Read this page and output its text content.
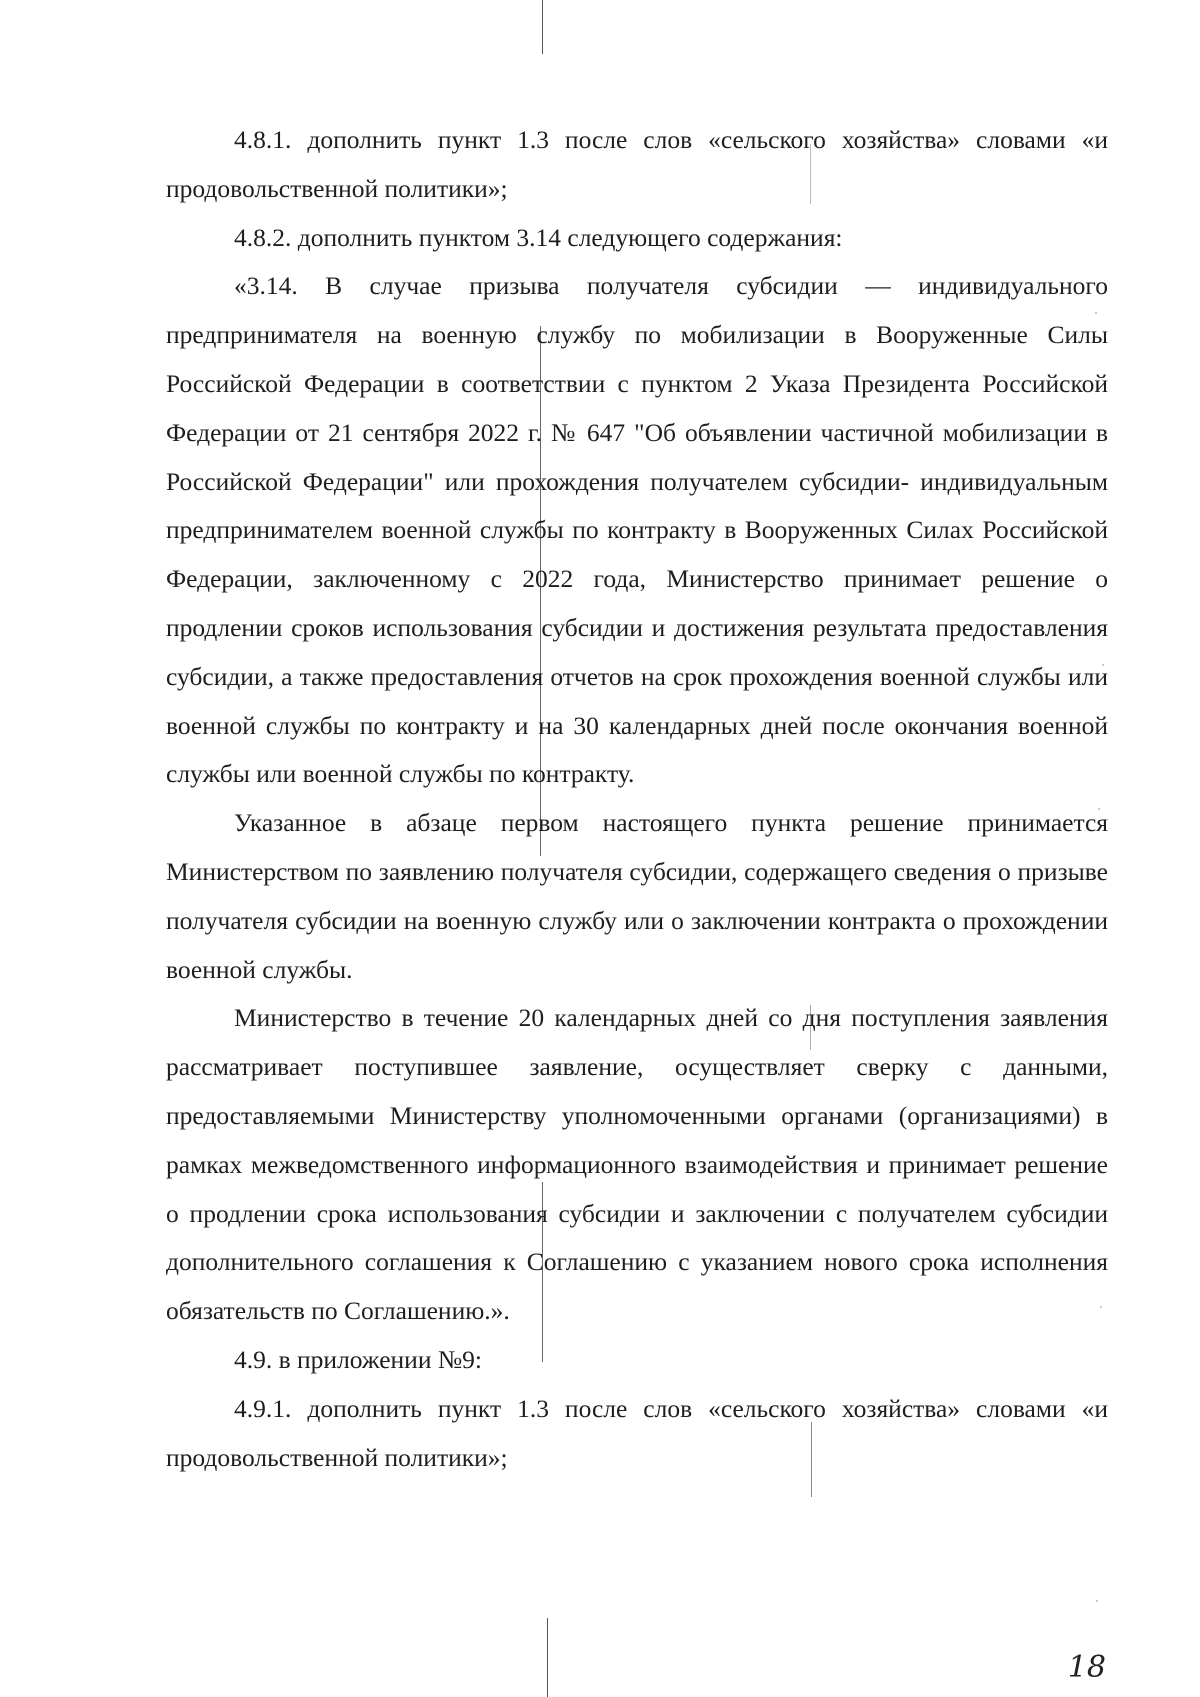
4.8.1. дополнить пункт 1.3 после слов «сельского хозяйства» словами «и продовольственной политики»;

4.8.2. дополнить пунктом 3.14 следующего содержания:

«3.14. В случае призыва получателя субсидии — индивидуального предпринимателя на военную службу по мобилизации в Вооруженные Силы Российской Федерации в соответствии с пунктом 2 Указа Президента Российской Федерации от 21 сентября 2022 г. № 647 "Об объявлении частичной мобилизации в Российской Федерации" или прохождения получателем субсидии- индивидуальным предпринимателем военной службы по контракту в Вооруженных Силах Российской Федерации, заключенному с 2022 года, Министерство принимает решение о продлении сроков использования субсидии и достижения результата предоставления субсидии, а также предоставления отчетов на срок прохождения военной службы или военной службы по контракту и на 30 календарных дней после окончания военной службы или военной службы по контракту.

Указанное в абзаце первом настоящего пункта решение принимается Министерством по заявлению получателя субсидии, содержащего сведения о призыве получателя субсидии на военную службу или о заключении контракта о прохождении военной службы.

Министерство в течение 20 календарных дней со дня поступления заявления рассматривает поступившее заявление, осуществляет сверку с данными, предоставляемыми Министерству уполномоченными органами (организациями) в рамках межведомственного информационного взаимодействия и принимает решение о продлении срока использования субсидии и заключении с получателем субсидии дополнительного соглашения к Соглашению с указанием нового срока исполнения обязательств по Соглашению.».

4.9. в приложении №9:

4.9.1. дополнить пункт 1.3 после слов «сельского хозяйства» словами «и продовольственной политики»;

18
